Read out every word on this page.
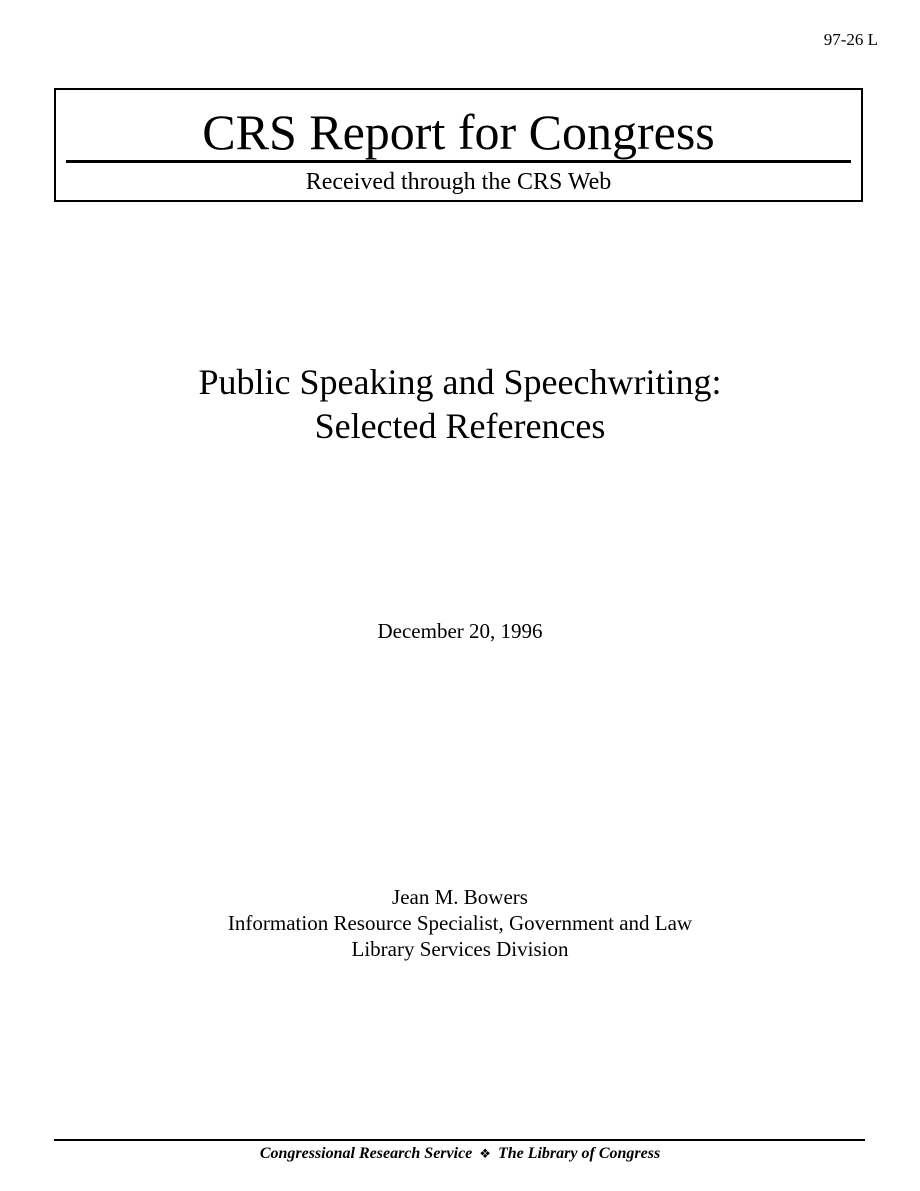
97-26 L
CRS Report for Congress
Received through the CRS Web
Public Speaking and Speechwriting:
Selected References
December 20, 1996
Jean M. Bowers
Information Resource Specialist, Government and Law
Library Services Division
Congressional Research Service ❖ The Library of Congress
